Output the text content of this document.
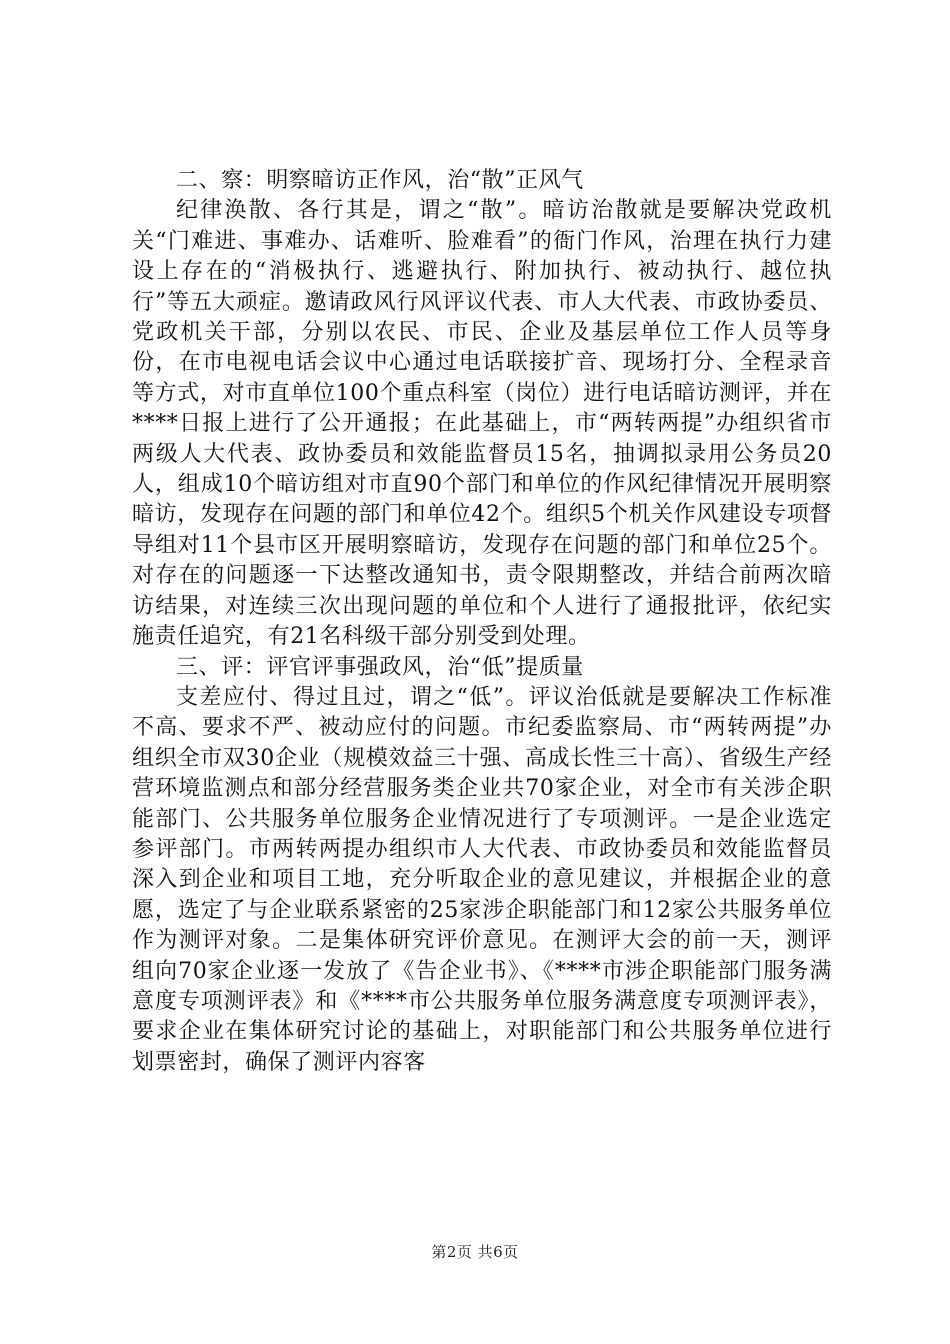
二、察：明察暗访正作风，治“散”正风气

纪律涣散、各行其是，谓之“散”。暗访治散就是要解决党政机关“门难进、事难办、话难听、脸难看”的衙门作风，治理在执行力建设上存在的“消极执行、逃避执行、附加执行、被动执行、越位执行”等五大顽症。邀请政风行风评议代表、市人大代表、市政协委员、党政机关干部，分别以农民、市民、企业及基层单位工作人员等身份，在市电视电话会议中心通过电话联接扩音、现场打分、全程录音等方式，对市直单位100个重点科室（岗位）进行电话暗访测评，并在****日报上进行了公开通报；在此基础上，市“两转两提”办组织省市两级人大代表、政协委员和效能监督员15名，抽调拟录用公务员20人，组成10个暗访组对市直90个部门和单位的作风纪律情况开展明察暗访，发现存在问题的部门和单位42个。组织5个机关作风建设专项督导组对11个县市区开展明察暗访，发现存在问题的部门和单位25个。对存在的问题逐一下达整改通知书，责令限期整改，并结合前两次暗访结果，对连续三次出现问题的单位和个人进行了通报批评，依纪实施责任追究，有21名科级干部分别受到处理。

三、评：评官评事强政风，治“低”提质量

支差应付、得过且过，谓之“低”。评议治低就是要解决工作标准不高、要求不严、被动应付的问题。市纪委监察局、市“两转两提”办组织全市双30企业（规模效益三十强、高成长性三十高）、省级生产经营环境监测点和部分经营服务类企业共70家企业，对全市有关涉企职能部门、公共服务单位服务企业情况进行了专项测评。一是企业选定参评部门。市两转两提办组织市人大代表、市政协委员和效能监督员深入到企业和项目工地，充分听取企业的意见建议，并根据企业的意愿，选定了与企业联系紧密的25家涉企职能部门和12家公共服务单位作为测评对象。二是集体研究评价意见。在测评大会的前一天，测评组向70家企业逐一发放了《告企业书》、《****市涉企职能部门服务满意度专项测评表》和《****市公共服务单位服务满意度专项测评表》，要求企业在集体研究讨论的基础上，对职能部门和公共服务单位进行划票密封，确保了测评内容客

第2页 共6页
